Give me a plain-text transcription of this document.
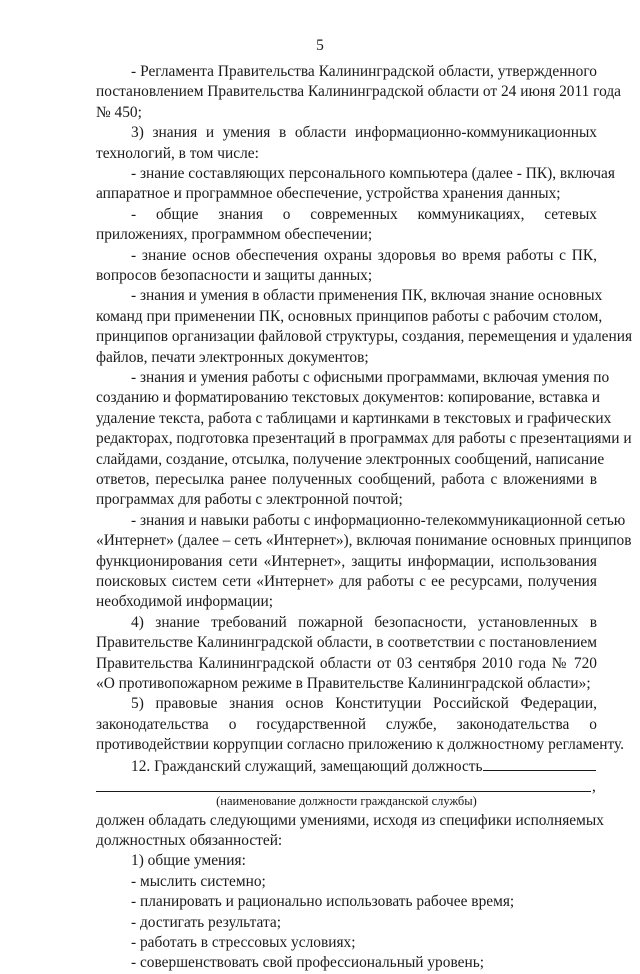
5
- Регламента Правительства Калининградской области, утвержденного
постановлением Правительства Калининградской области от 24 июня 2011 года
№ 450;
3) знания и умения в области информационно-коммуникационных
технологий, в том числе:
- знание составляющих персонального компьютера (далее - ПК), включая
аппаратное и программное обеспечение, устройства хранения данных;
- общие знания о современных коммуникациях, сетевых
приложениях, программном обеспечении;
- знание основ обеспечения охраны здоровья во время работы с ПК,
вопросов безопасности и защиты данных;
- знания и умения в области применения ПК, включая знание основных
команд при применении ПК, основных принципов работы с рабочим столом,
принципов организации файловой структуры, создания, перемещения и удаления
файлов, печати электронных документов;
- знания и умения работы с офисными программами, включая умения по
созданию и форматированию текстовых документов: копирование, вставка и
удаление текста, работа с таблицами и картинками в текстовых и графических
редакторах, подготовка презентаций в программах для работы с презентациями и
слайдами, создание, отсылка, получение электронных сообщений, написание
ответов, пересылка ранее полученных сообщений, работа с вложениями в
программах для работы с электронной почтой;
- знания и навыки работы с информационно-телекоммуникационной сетью
«Интернет» (далее – сеть «Интернет»), включая понимание основных принципов
функционирования сети «Интернет», защиты информации, использования
поисковых систем сети «Интернет» для работы с ее ресурсами, получения
необходимой информации;
4) знание требований пожарной безопасности, установленных в
Правительстве Калининградской области, в соответствии с постановлением
Правительства Калининградской области от 03 сентября 2010 года № 720
«О противопожарном режиме в Правительстве Калининградской области»;
5) правовые знания основ Конституции Российской Федерации,
законодательства о государственной службе, законодательства о
противодействии коррупции согласно приложению к должностному регламенту.
12. Гражданский служащий, замещающий должность
,
(наименование должности гражданской службы)
должен обладать следующими умениями, исходя из специфики исполняемых
должностных обязанностей:
1) общие умения:
- мыслить системно;
- планировать и рационально использовать рабочее время;
- достигать результата;
- работать в стрессовых условиях;
- совершенствовать свой профессиональный уровень;
